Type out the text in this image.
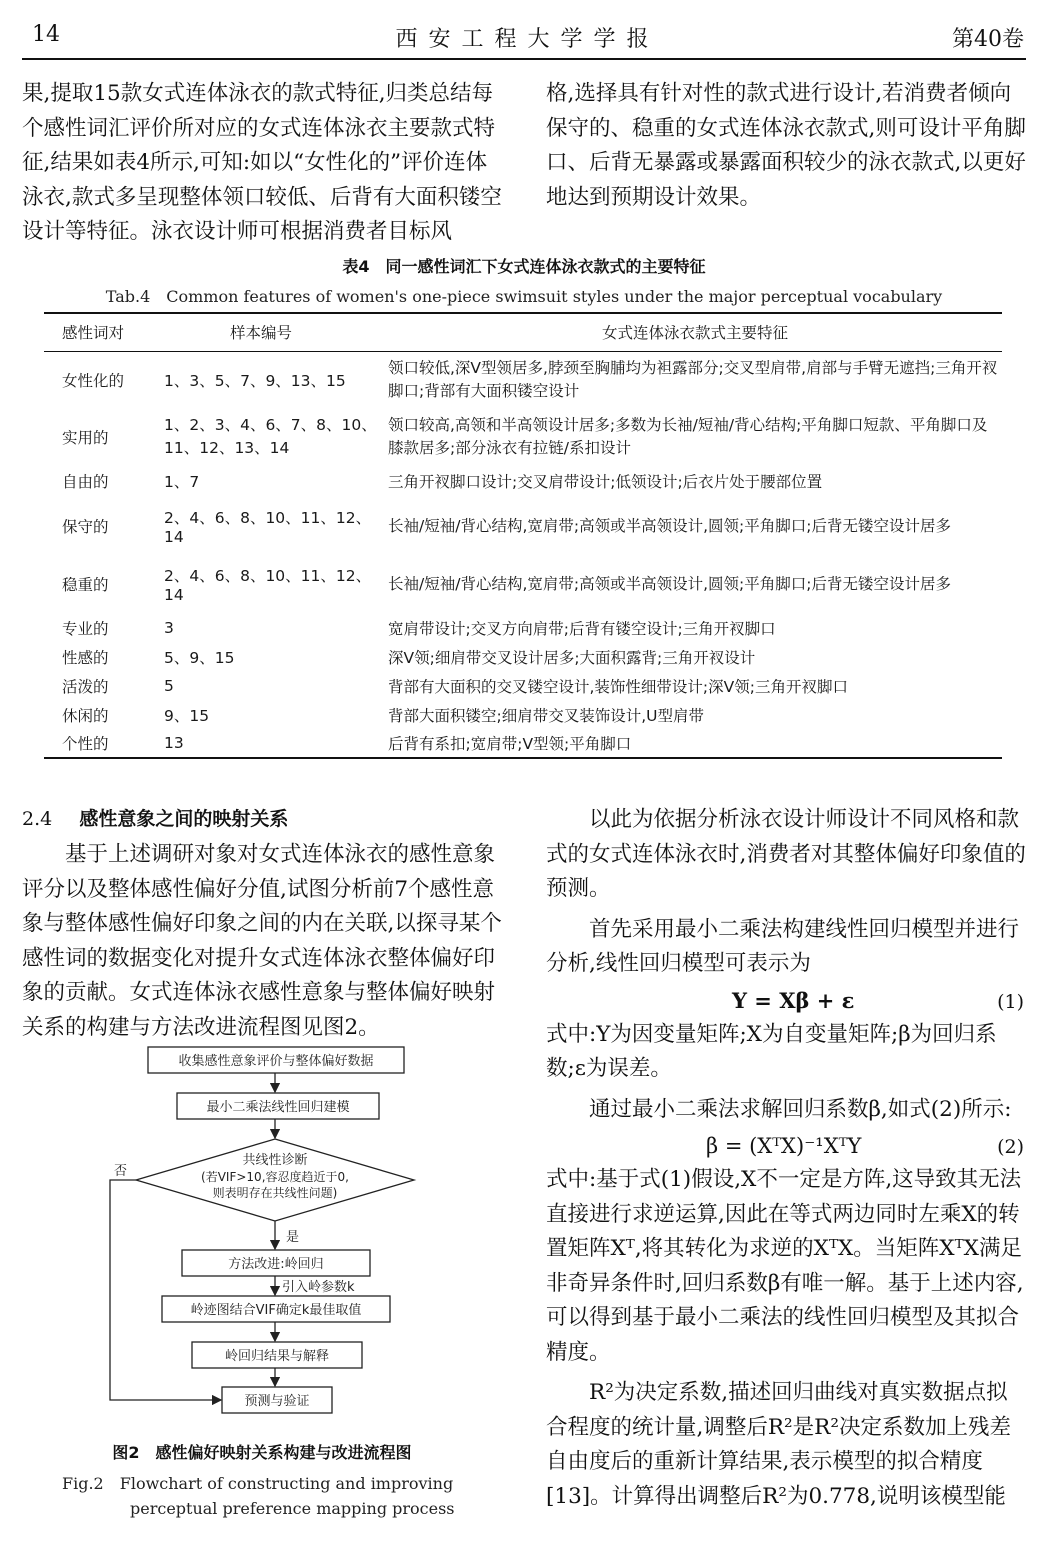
14	西 安 工 程 大 学 学 报	第40卷
果,提取15款女式连体泳衣的款式特征,归类总结每个感性词汇评价所对应的女式连体泳衣主要款式特征,结果如表4所示,可知:如以“女性化的”评价连体泳衣,款式多呈现整体领口较低、后背有大面积镂空设计等特征。泳衣设计师可根据消费者目标风
格,选择具有针对性的款式进行设计,若消费者倾向保守的、稳重的女式连体泳衣款式,则可设计平角脚口、后背无暴露或暴露面积较少的泳衣款式,以更好地达到预期设计效果。
表4　同一感性词汇下女式连体泳衣款式的主要特征
Tab.4　Common features of women's one-piece swimsuit styles under the major perceptual vocabulary
感性词对	样本编号	女式连体泳衣款式主要特征
女性化的	1、3、5、7、9、13、15	领口较低,深V型领居多,脖颈至胸脯均为袒露部分;交叉型肩带,肩部与手臂无遮挡;三角开衩脚口;背部有大面积镂空设计
实用的	1、2、3、4、6、7、8、10、11、12、13、14	领口较高,高领和半高领设计居多;多数为长袖/短袖/背心结构;平角脚口短款、平角脚口及膝款居多;部分泳衣有拉链/系扣设计
自由的	1、7	三角开衩脚口设计;交叉肩带设计;低领设计;后衣片处于腰部位置
保守的	2、4、6、8、10、11、12、14	长袖/短袖/背心结构,宽肩带;高领或半高领设计,圆领;平角脚口;后背无镂空设计居多
稳重的	2、4、6、8、10、11、12、14	长袖/短袖/背心结构,宽肩带;高领或半高领设计,圆领;平角脚口;后背无镂空设计居多
专业的	3	宽肩带设计;交叉方向肩带;后背有镂空设计;三角开衩脚口
性感的	5、9、15	深V领;细肩带交叉设计居多;大面积露背;三角开衩设计
活泼的	5	背部有大面积的交叉镂空设计,装饰性细带设计;深V领;三角开衩脚口
休闲的	9、15	背部大面积镂空;细肩带交叉装饰设计,U型肩带
个性的	13	后背有系扣;宽肩带;V型领;平角脚口
2.4 感性意象之间的映射关系
基于上述调研对象对女式连体泳衣的感性意象评分以及整体感性偏好分值,试图分析前7个感性意象与整体感性偏好印象之间的内在关联,以探寻某个感性词的数据变化对提升女式连体泳衣整体偏好印象的贡献。女式连体泳衣感性意象与整体偏好映射关系的构建与方法改进流程图见图2。
收集感性意象评价与整体偏好数据
最小二乘法线性回归建模
共线性诊断
(若VIF>10,容忍度趋近于0,
则表明存在共线性问题)
是
否
方法改进:岭回归
引入岭参数k
岭迹图结合VIF确定k最佳取值
岭回归结果与解释
预测与验证
图2　感性偏好映射关系构建与改进流程图
Fig.2　Flowchart of constructing and improving
perceptual preference mapping process

以此为依据分析泳衣设计师设计不同风格和款式的女式连体泳衣时,消费者对其整体偏好印象值的预测。

首先采用最小二乘法构建线性回归模型并进行分析,线性回归模型可表示为

Y = Xβ + ε	(1)

式中:Y为因变量矩阵;X为自变量矩阵;β为回归系数;ε为误差。

通过最小二乘法求解回归系数β,如式(2)所示:

β = (XᵀX)⁻¹XᵀY	(2)

式中:基于式(1)假设,X不一定是方阵,这导致其无法直接进行求逆运算,因此在等式两边同时左乘X的转置矩阵Xᵀ,将其转化为求逆的XᵀX。当矩阵XᵀX满足非奇异条件时,回归系数β有唯一解。基于上述内容,可以得到基于最小二乘法的线性回归模型及其拟合精度。

R²为决定系数,描述回归曲线对真实数据点拟合程度的统计量,调整后R²是R²决定系数加上残差自由度后的重新计算结果,表示模型的拟合精度[13]。计算得出调整后R²为0.778,说明该模型能
